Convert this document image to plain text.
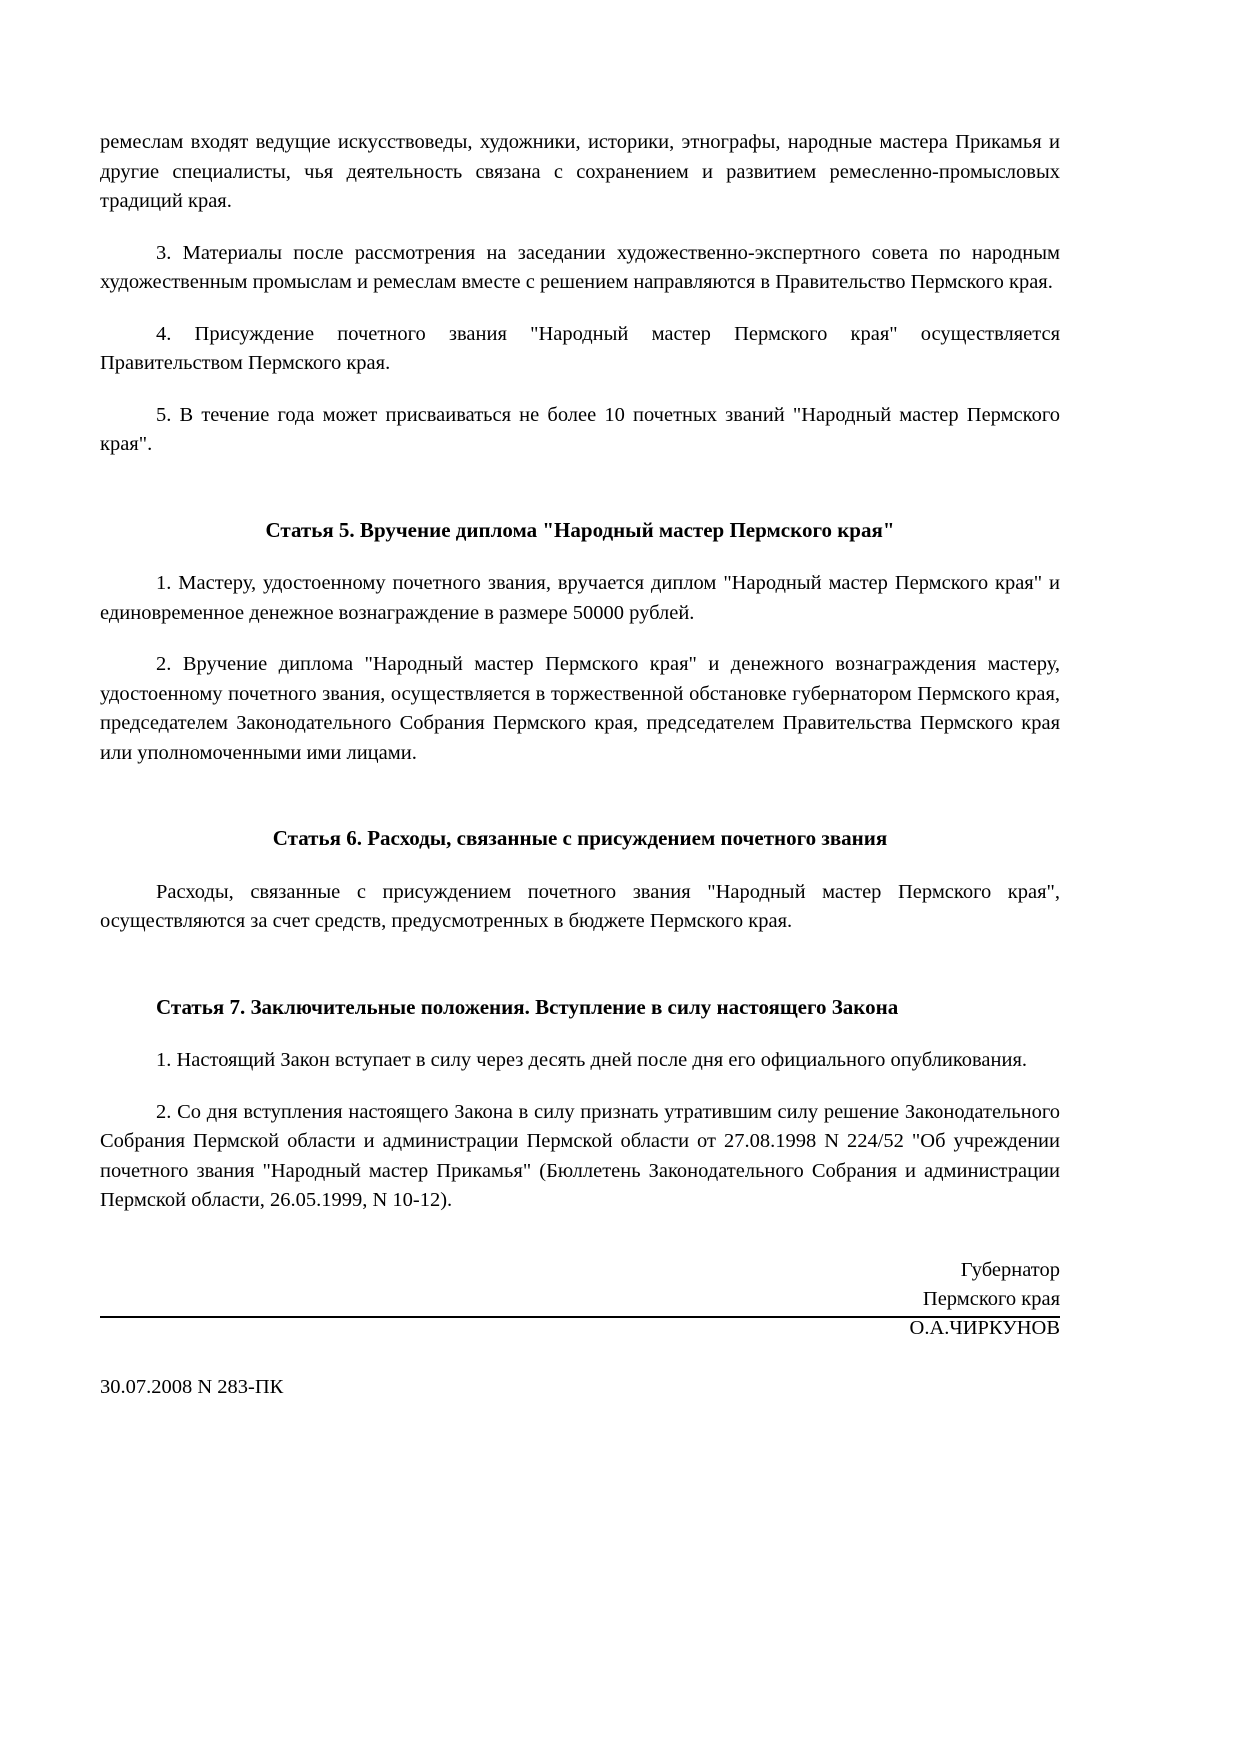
ремеслам входят ведущие искусствоведы, художники, историки, этнографы, народные мастера Прикамья и другие специалисты, чья деятельность связана с сохранением и развитием ремесленно-промысловых традиций края.

3. Материалы после рассмотрения на заседании художественно-экспертного совета по народным художественным промыслам и ремеслам вместе с решением направляются в Правительство Пермского края.

4. Присуждение почетного звания "Народный мастер Пермского края" осуществляется Правительством Пермского края.

5. В течение года может присваиваться не более 10 почетных званий "Народный мастер Пермского края".

Статья 5. Вручение диплома "Народный мастер Пермского края"

1. Мастеру, удостоенному почетного звания, вручается диплом "Народный мастер Пермского края" и единовременное денежное вознаграждение в размере 50000 рублей.

2. Вручение диплома "Народный мастер Пермского края" и денежного вознаграждения мастеру, удостоенному почетного звания, осуществляется в торжественной обстановке губернатором Пермского края, председателем Законодательного Собрания Пермского края, председателем Правительства Пермского края или уполномоченными ими лицами.

Статья 6. Расходы, связанные с присуждением почетного звания

Расходы, связанные с присуждением почетного звания "Народный мастер Пермского края", осуществляются за счет средств, предусмотренных в бюджете Пермского края.

Статья 7. Заключительные положения. Вступление в силу настоящего Закона

1. Настоящий Закон вступает в силу через десять дней после дня его официального опубликования.

2. Со дня вступления настоящего Закона в силу признать утратившим силу решение Законодательного Собрания Пермской области и администрации Пермской области от 27.08.1998 N 224/52 "Об учреждении почетного звания "Народный мастер Прикамья" (Бюллетень Законодательного Собрания и администрации Пермской области, 26.05.1999, N 10-12).

Губернатор
Пермского края
О.А.ЧИРКУНОВ
30.07.2008 N 283-ПК
